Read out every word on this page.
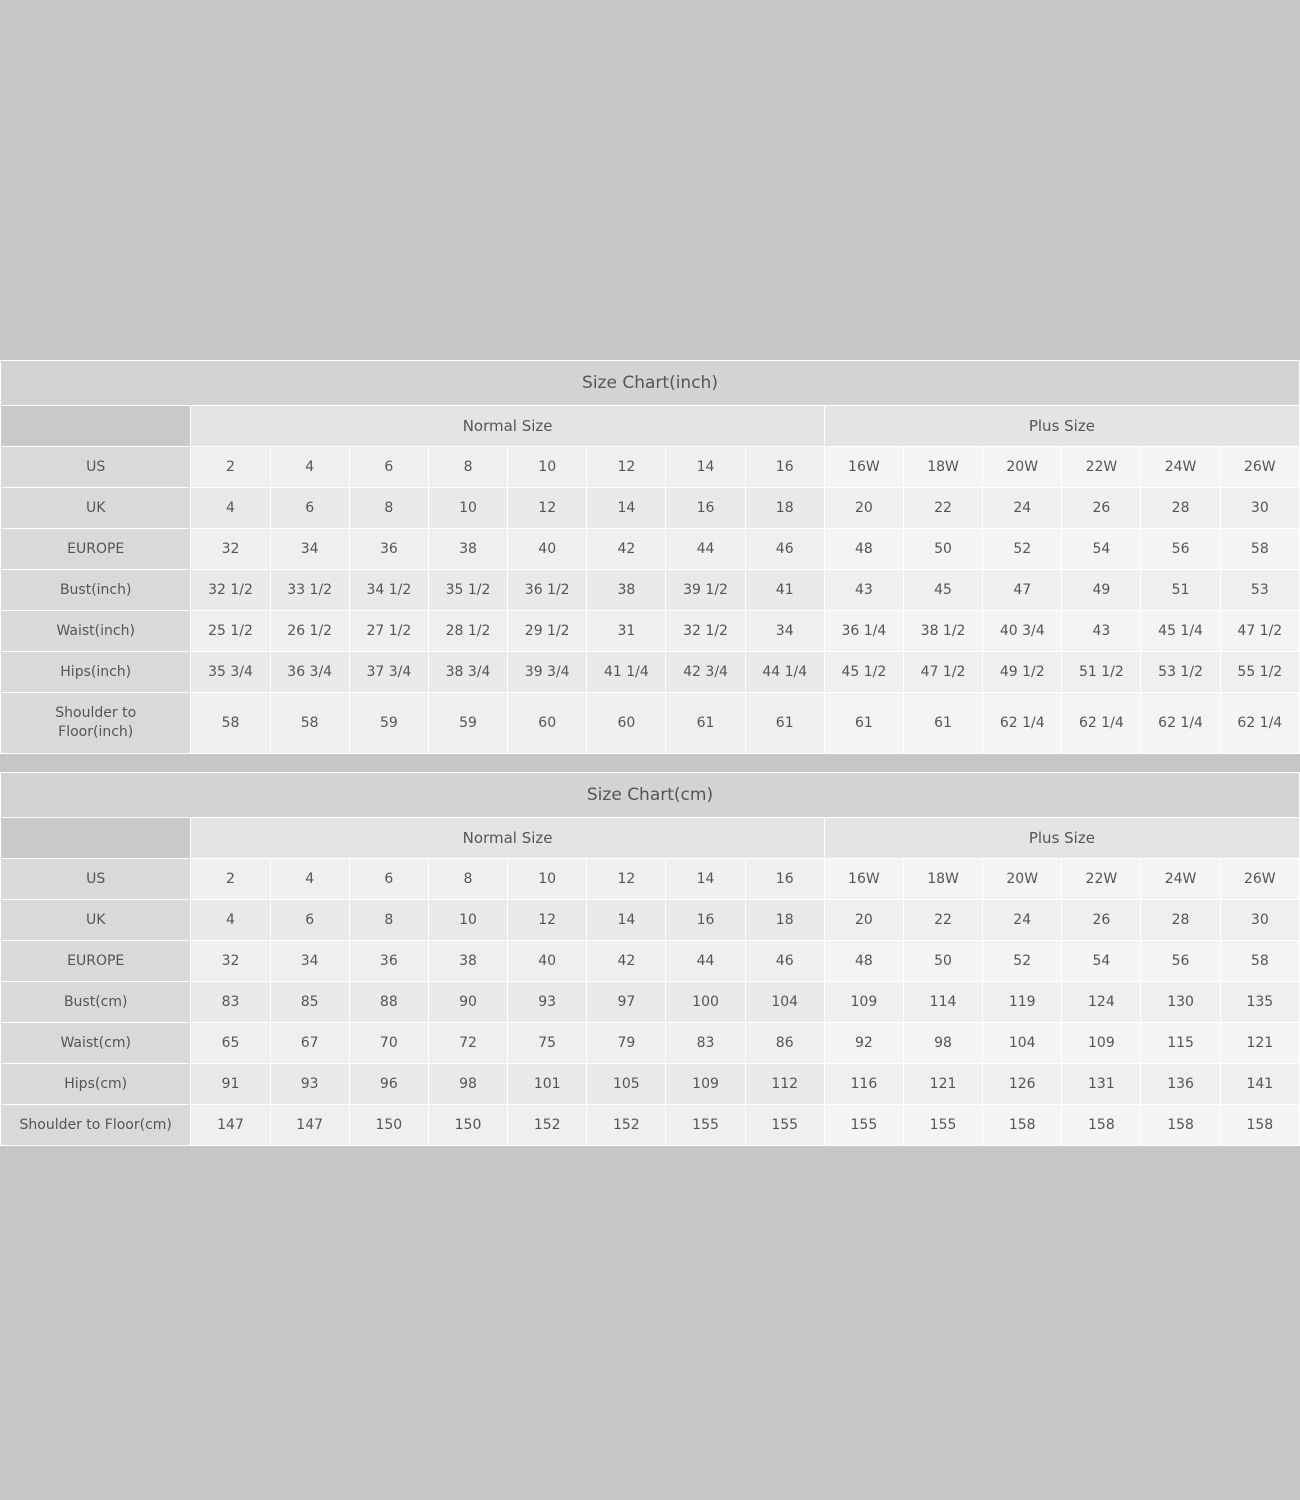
Size Chart(inch)														
	Normal Size								Plus Size					
US	2	4	6	8	10	12	14	16	16W	18W	20W	22W	24W	26W
UK	4	6	8	10	12	14	16	18	20	22	24	26	28	30
EUROPE	32	34	36	38	40	42	44	46	48	50	52	54	56	58
Bust(inch)	32 1/2	33 1/2	34 1/2	35 1/2	36 1/2	38	39 1/2	41	43	45	47	49	51	53
Waist(inch)	25 1/2	26 1/2	27 1/2	28 1/2	29 1/2	31	32 1/2	34	36 1/4	38 1/2	40 3/4	43	45 1/4	47 1/2
Hips(inch)	35 3/4	36 3/4	37 3/4	38 3/4	39 3/4	41 1/4	42 3/4	44 1/4	45 1/2	47 1/2	49 1/2	51 1/2	53 1/2	55 1/2

Shoulder to
Floor(inch)	58	58	59	59	60	60	61	61	61	61	62 1/4	62 1/4	62 1/4	62 1/4
Size Chart(cm)														
	Normal Size								Plus Size					
US	2	4	6	8	10	12	14	16	16W	18W	20W	22W	24W	26W
UK	4	6	8	10	12	14	16	18	20	22	24	26	28	30
EUROPE	32	34	36	38	40	42	44	46	48	50	52	54	56	58
Bust(cm)	83	85	88	90	93	97	100	104	109	114	119	124	130	135
Waist(cm)	65	67	70	72	75	79	83	86	92	98	104	109	115	121
Hips(cm)	91	93	96	98	101	105	109	112	116	121	126	131	136	141
Shoulder to Floor(cm)	147	147	150	150	152	152	155	155	155	155	158	158	158	158
